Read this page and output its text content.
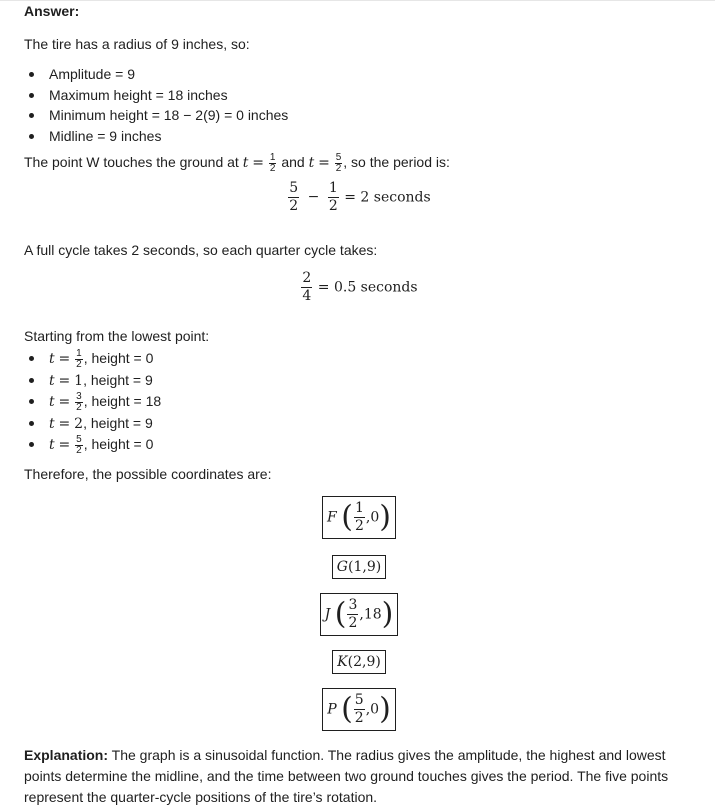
Answer:

The tire has a radius of 9 inches, so:

Amplitude = 9
Maximum height = 18 inches
Minimum height = 18 − 2(9) = 0 inches
Midline = 9 inches

The point W touches the ground at $t = \frac{1}{2}$ and $t = \frac{5}{2}$ , so the period is:

$\frac{5}{2} - \frac{1}{2} = 2$ seconds

A full cycle takes 2 seconds, so each quarter cycle takes:

$\frac{2}{4} = 0.5$ seconds

Starting from the lowest point:

$t = \frac{1}{2}$ , height = 0
t = 1, height = 9
$t = \frac{3}{2}$ , height = 18
t = 2, height = 9
$t = \frac{5}{2}$ , height = 0

Therefore, the possible coordinates are:

F ( $\frac{1}{2} ,0$)
G(1,9)
J ( $\frac{3}{2} ,18$)
K(2,9)
P ( $\frac{5}{2} ,0$)

Explanation: The graph is a sinusoidal function. The radius gives the amplitude, the highest and lowest points determine the midline, and the time between two ground touches gives the period. The five points represent the quarter-cycle positions of the tire’s rotation.
